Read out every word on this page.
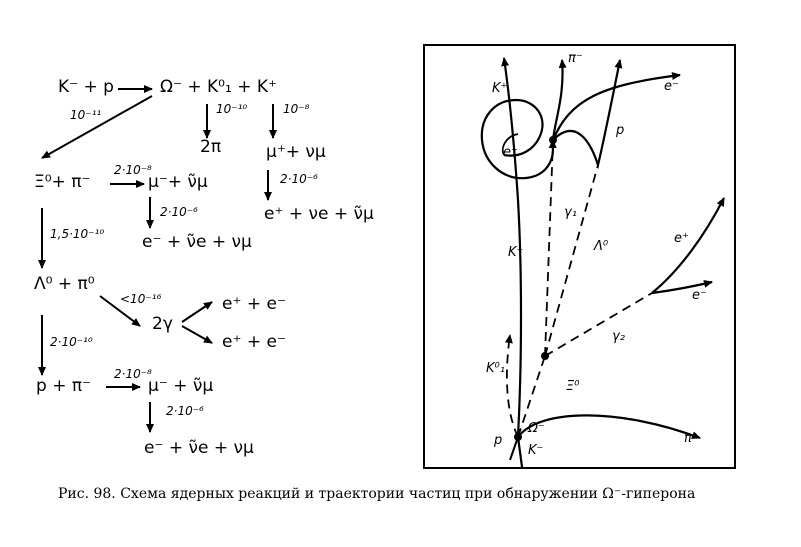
K⁻ + p	Ω⁻ + K⁰₁ + K⁺
10⁻¹¹	10⁻¹⁰
2π
10⁻⁸
μ⁺+ νμ
2·10⁻⁶
e⁺ + νe + ν̃μ
Ξ⁰+ π⁻
2·10⁻⁸
μ⁻+ ν̃μ
2·10⁻⁶
e⁻ + ν̃e + νμ
1,5·10⁻¹⁰
Λ⁰ + π⁰
<10⁻¹⁶
2γ
e⁺ + e⁻
e⁺ + e⁻
2·10⁻¹⁰
p + π⁻
2·10⁻⁸
μ⁻ + ν̃μ
2·10⁻⁶
e⁻ + ν̃e + νμ
K⁺
e⁺
π⁻
e⁻
p
γ₁
Λ⁰
K⁺
e⁺
e⁻
γ₂
K⁰₁
Ξ⁰
π⁻
p
Ω⁻
K⁻
Рис. 98. Схема ядерных реакций и траектории частиц при обнаружении Ω⁻-гиперона
